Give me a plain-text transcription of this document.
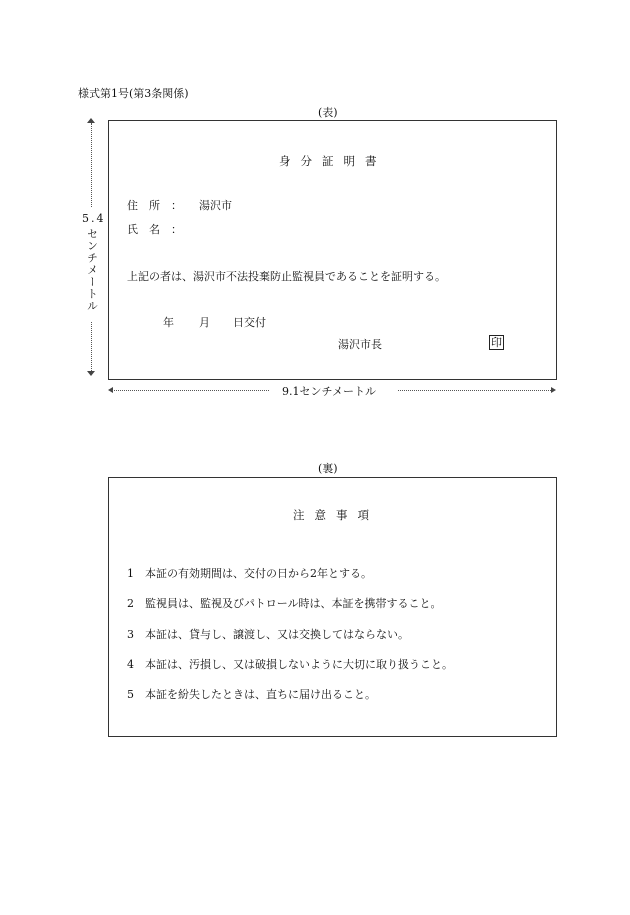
様式第1号(第3条関係)
(表)
5.4
センチメートル
身分証明書
住　所　： 湯沢市
氏　名　：
上記の者は、湯沢市不法投棄防止監視員であることを証明する。
年 月 日交付
湯沢市長	印
9.1センチメートル
(裏)
注意事項
1　 本証の有効期間は、交付の日から2年とする。
2　 監視員は、監視及びパトロール時は、本証を携帯すること。
3　 本証は、貸与し、譲渡し、又は交換してはならない。
4　 本証は、汚損し、又は破損しないように大切に取り扱うこと。
5　 本証を紛失したときは、直ちに届け出ること。
